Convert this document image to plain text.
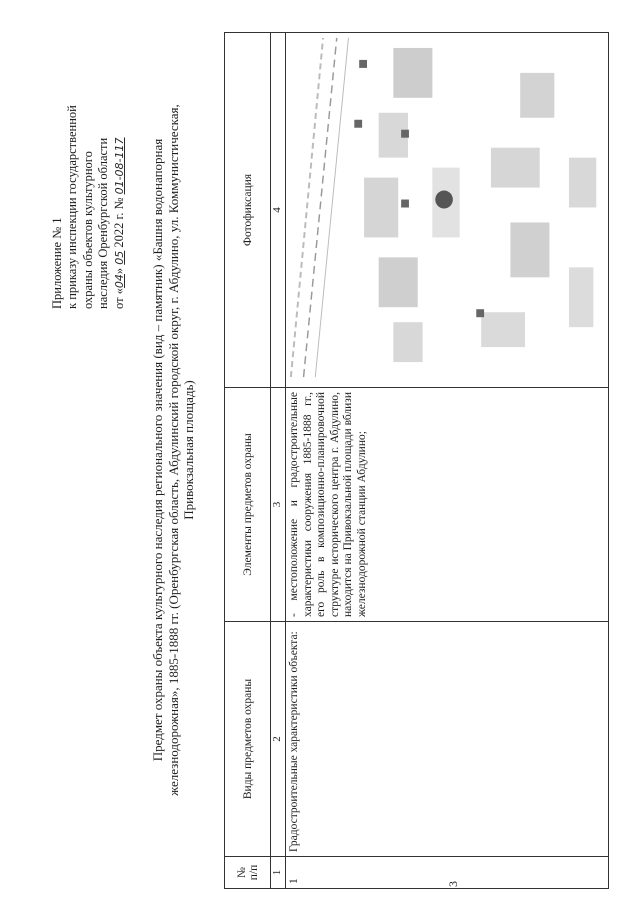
3
Приложение № 1 к приказу инспекции государственной охраны объектов культурного наследия Оренбургской области от «04» 05 2022 г. № 01-08-117 Предмет охраны объекта культурного наследия регионального значения (вид – памятник) «Башня водонапорная железнодорожная», 1885-1888 гг. (Оренбургская область, Абдулинский городской округ, г. Абдулино, ул. Коммунистическая, Привокзальная площадь)
№ п/п	Виды предметов охраны	Элементы предметов охраны	Фотофиксация
1	2	3	4
1	Градостроительные характеристики объекта:	- местоположение и градостроительные характеристики сооружения 1885-1888 гг., его роль в композиционно-планировочной структуре исторического центра г. Абдулино, находится на Привокзальной площади вблизи железнодорожной станции Абдулино;	
